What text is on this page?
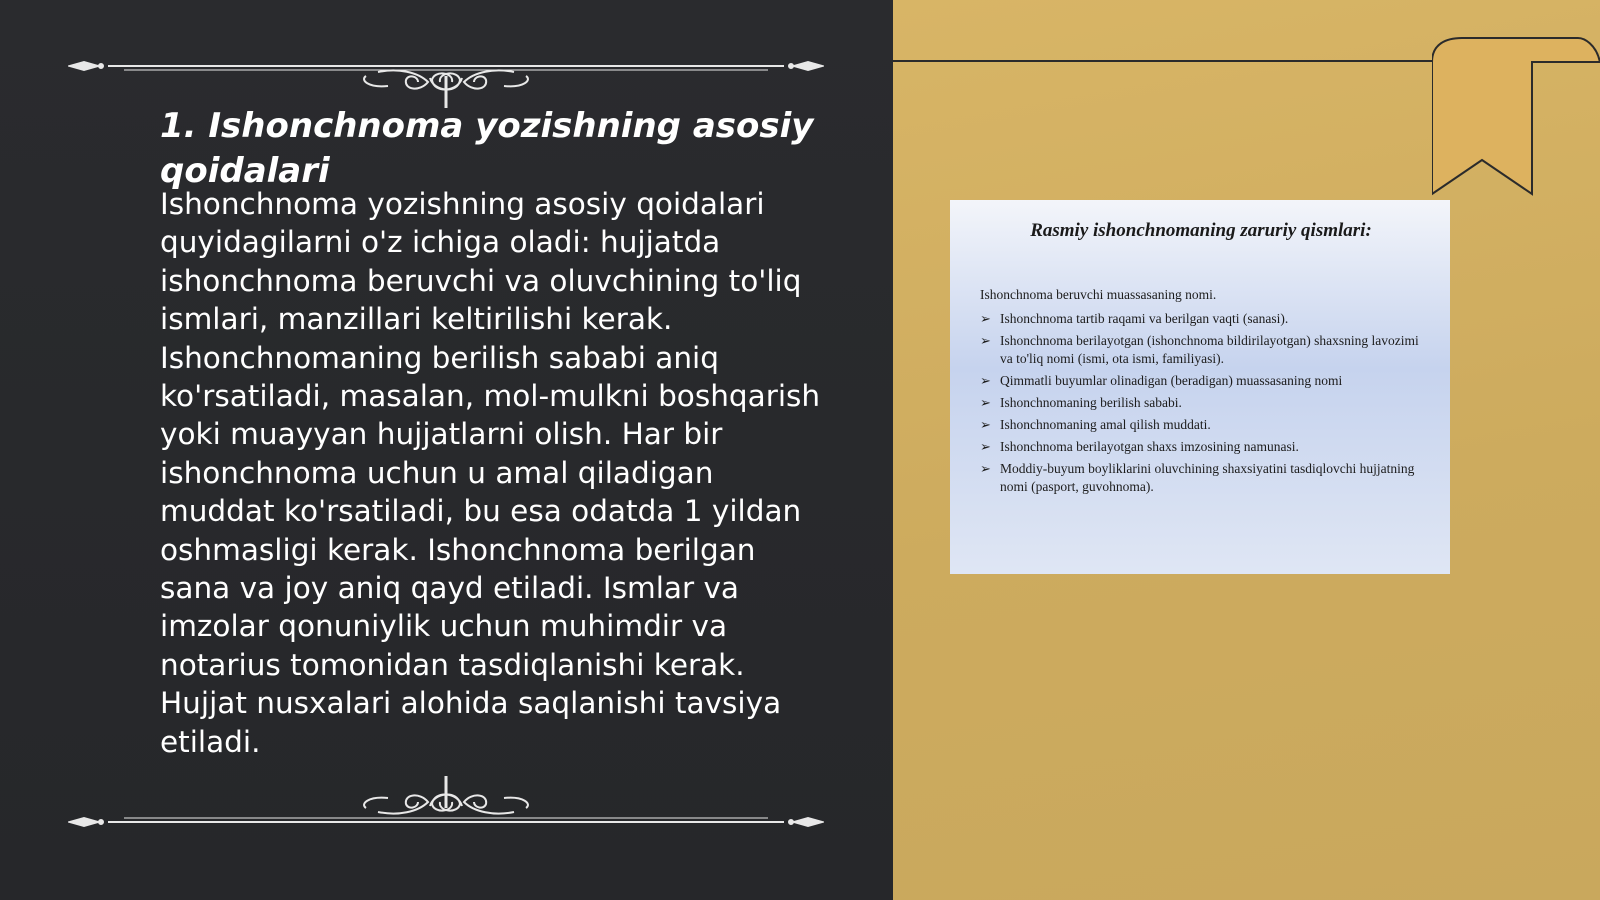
1. Ishonchnoma yozishning asosiy qoidalari

Ishonchnoma yozishning asosiy qoidalari quyidagilarni o'z ichiga oladi: hujjatda ishonchnoma beruvchi va oluvchining to'liq ismlari, manzillari keltirilishi kerak. Ishonchnomaning berilish sababi aniq ko'rsatiladi, masalan, mol-mulkni boshqarish yoki muayyan hujjatlarni olish. Har bir ishonchnoma uchun u amal qiladigan muddat ko'rsatiladi, bu esa odatda 1 yildan oshmasligi kerak. Ishonchnoma berilgan sana va joy aniq qayd etiladi. Ismlar va imzolar qonuniylik uchun muhimdir va notarius tomonidan tasdiqlanishi kerak. Hujjat nusxalari alohida saqlanishi tavsiya etiladi.

Rasmiy ishonchnomaning zaruriy qismlari:

Ishonchnoma beruvchi muassasaning nomi.

➢ Ishonchnoma tartib raqami va berilgan vaqti (sanasi).
➢ Ishonchnoma berilayotgan (ishonchnoma bildirilayotgan) shaxsning lavozimi va to'liq nomi (ismi, ota ismi, familiyasi).
➢ Qimmatli buyumlar olinadigan (beradigan) muassasaning nomi
➢ Ishonchnomaning berilish sababi.
➢ Ishonchnomaning amal qilish muddati.
➢ Ishonchnoma berilayotgan shaxs imzosining namunasi.
➢ Moddiy-buyum boyliklarini oluvchining shaxsiyatini tasdiqlovchi hujjatning nomi (pasport, guvohnoma).
